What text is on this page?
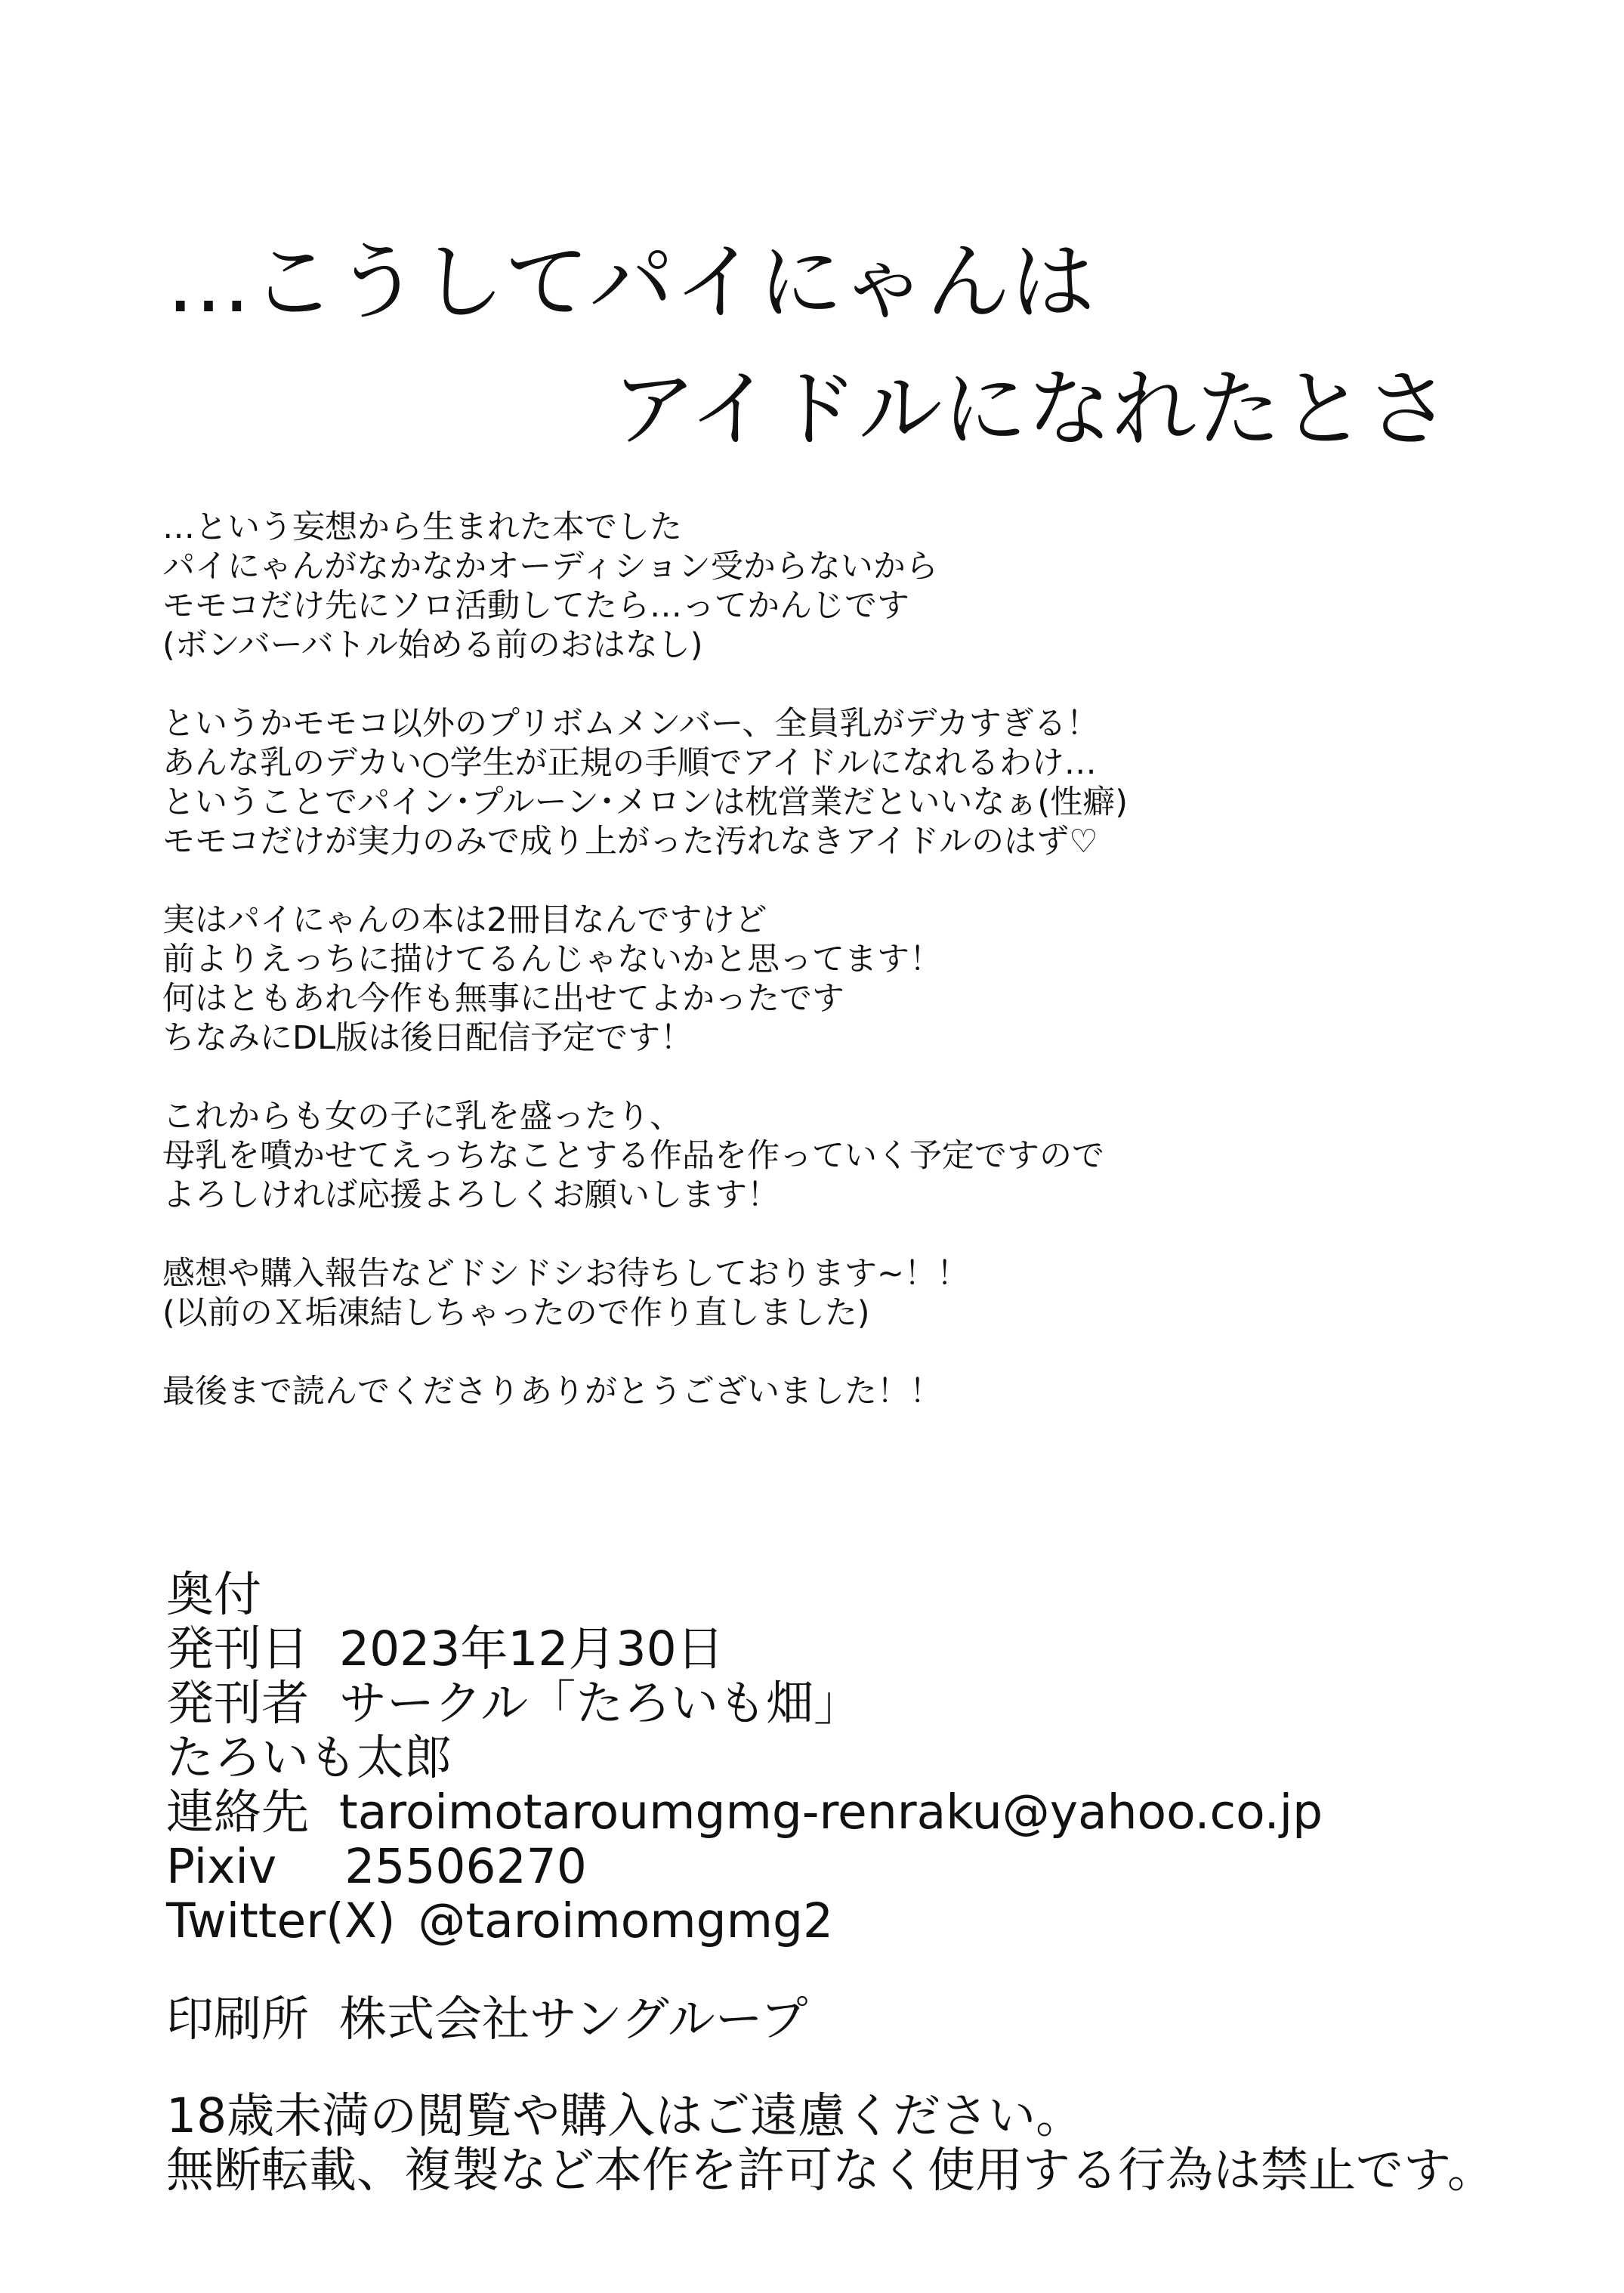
…こうしてパイにゃんは
アイドルになれたとさ
…という妄想から生まれた本でした
パイにゃんがなかなかオーディション受からないから
モモコだけ先にソロ活動してたら…ってかんじです
(ボンバーバトル始める前のおはなし)
というかモモコ以外のプリボムメンバー、全員乳がデカすぎる！
あんな乳のデカい○学生が正規の手順でアイドルになれるわけ…
ということでパイン･プルーン･メロンは枕営業だといいなぁ(性癖)
モモコだけが実力のみで成り上がった汚れなきアイドルのはず♡
実はパイにゃんの本は2冊目なんですけど
前よりえっちに描けてるんじゃないかと思ってます！
何はともあれ今作も無事に出せてよかったです
ちなみにDL版は後日配信予定です！
これからも女の子に乳を盛ったり、
母乳を噴かせてえっちなことする作品を作っていく予定ですので
よろしければ応援よろしくお願いします！
感想や購入報告などドシドシお待ちしております~！！
(以前のＸ垢凍結しちゃったので作り直しました)
最後まで読んでくださりありがとうございました！！
奥付
発刊日 2023年12月30日
発刊者 サークル「たろいも畑」
たろいも太郎
連絡先 taroimotaroumgmg-renraku@yahoo.co.jp
Pixiv 25506270
Twitter(X) @taroimomgmg2
印刷所 株式会社サングループ
18歳未満の閲覧や購入はご遠慮ください。
無断転載、複製など本作を許可なく使用する行為は禁止です。
